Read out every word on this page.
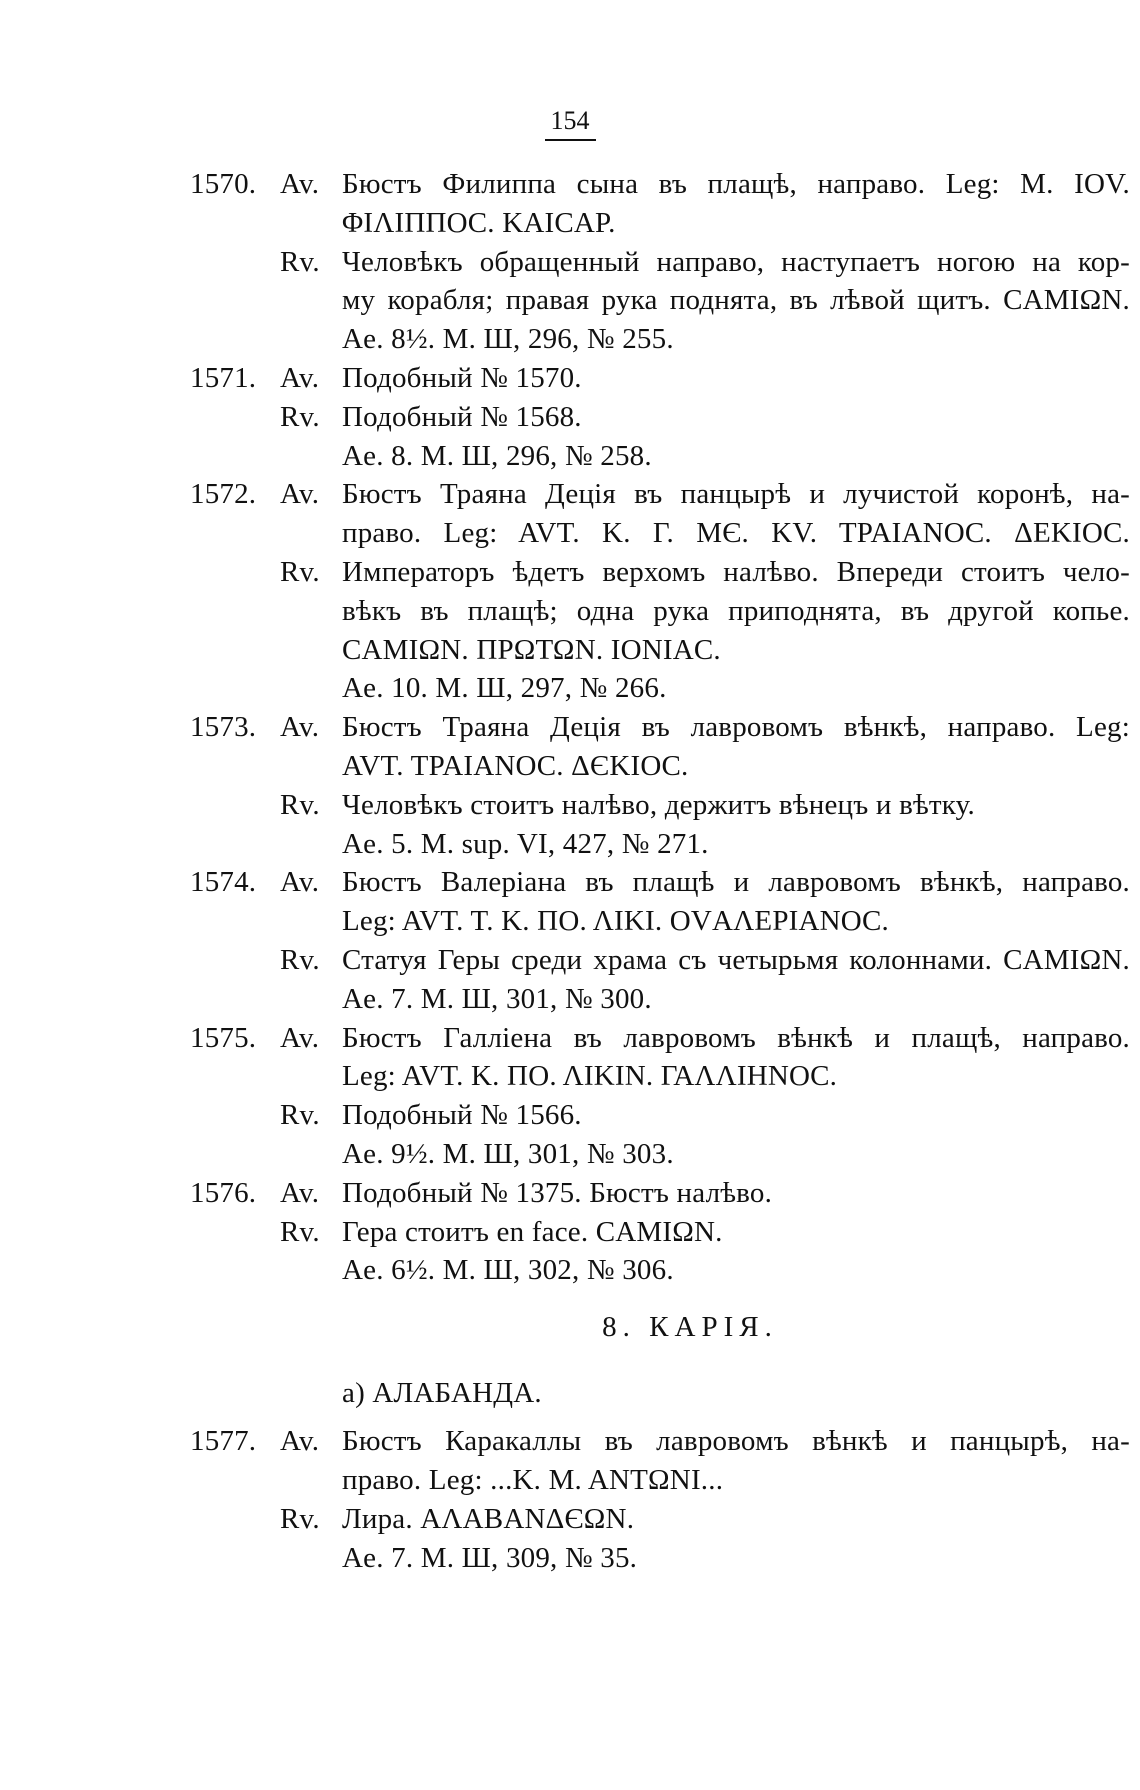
154
1570. Av. Бюстъ Филиппа сына въ плащѣ, направо. Leg: M. IOV.
ΦΙΛΙΠΠΟC. KAICAP.
Rv. Человѣкъ обращенный направо, наступаетъ ногою на кор-
му корабля; правая рука поднята, въ лѣвой щитъ. CAMIΩN.
Ae. 8½. M. Ш, 296, № 255.
1571. Av. Подобный № 1570.
Rv. Подобный № 1568.
Ae. 8. M. Ш, 296, № 258.
1572. Av. Бюстъ Траяна Деція въ панцырѣ и лучистой коронѣ, на-
право. Leg: AVT. K. Г. MЄ. KV. TPAIANOC. ΔΕΚΙΟC.
Rv. Императоръ ѣдетъ верхомъ налѣво. Впереди стоитъ чело-
вѣкъ въ плащѣ; одна рука приподнята, въ другой копье.
CAMIΩN. ΠΡΩΤΩΝ. IONIAC.
Ae. 10. M. Ш, 297, № 266.
1573. Av. Бюстъ Траяна Деція въ лавровомъ вѣнкѣ, направо. Leg:
AVT. TPAIANOC. ΔЄKIOC.
Rv. Человѣкъ стоитъ налѣво, держитъ вѣнецъ и вѣтку.
Ae. 5. M. sup. VI, 427, № 271.
1574. Av. Бюстъ Валеріана въ плащѣ и лавровомъ вѣнкѣ, направо.
Leg: AVT. T. K. ΠΟ. ΛΙΚΙ. ΟVΑΛΕΡΙΑΝΟC.
Rv. Статуя Геры среди храма съ четырьмя колоннами. CAMIΩN.
Ae. 7. M. Ш, 301, № 300.
1575. Av. Бюстъ Галліена въ лавровомъ вѣнкѣ и плащѣ, направо.
Leg: AVT. K. ΠΟ. ΛΙΚΙΝ. ΓΑΛΛΙΗΝΟC.
Rv. Подобный № 1566.
Ae. 9½. M. Ш, 301, № 303.
1576. Av. Подобный № 1375. Бюстъ налѣво.
Rv. Гера стоитъ en face. CAMIΩN.
Ae. 6½. M. Ш, 302, № 306.
8. КАРІЯ.
а) АЛАБАНДА.
1577. Av. Бюстъ Каракаллы въ лавровомъ вѣнкѣ и панцырѣ, на-
право. Leg: ...K. M. ANTΩNI...
Rv. Лира. AΛABANΔЄΩN.
Ae. 7. M. Ш, 309, № 35.
